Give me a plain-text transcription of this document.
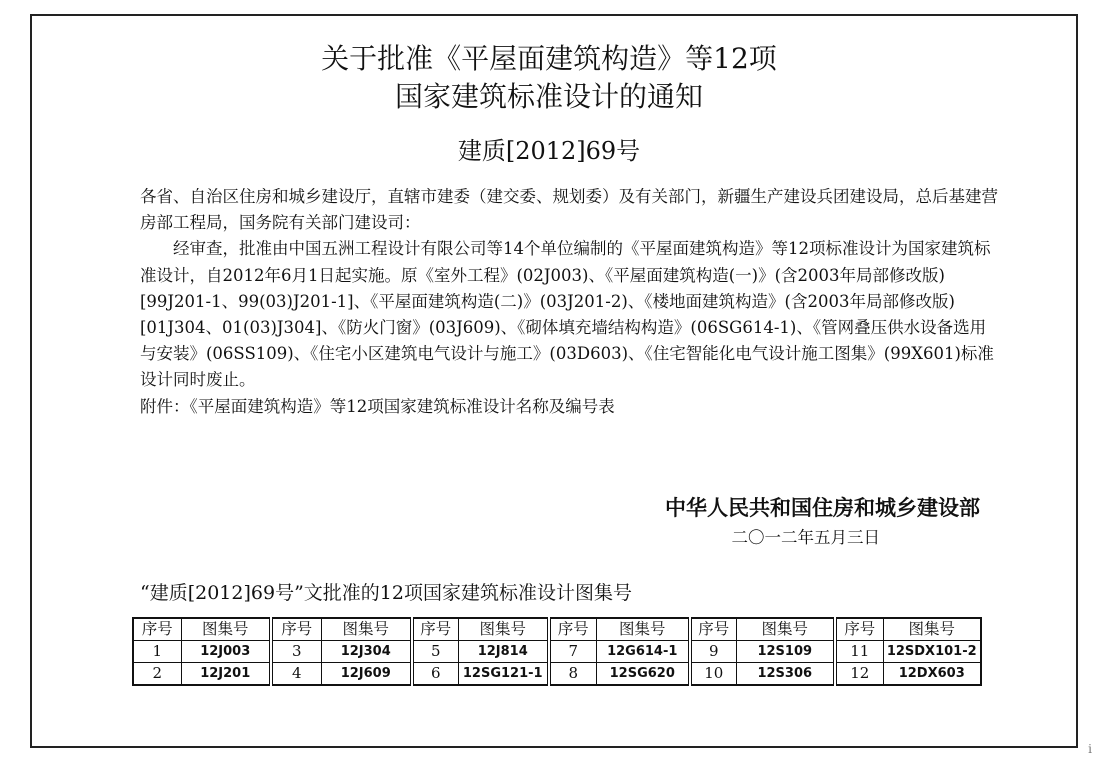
关于批准《平屋面建筑构造》等12项
国家建筑标准设计的通知
建质[2012]69号

各省、自治区住房和城乡建设厅，直辖市建委（建交委、规划委）及有关部门，新疆生产建设兵团建设局，总后基建营房部工程局，国务院有关部门建设司：

经审查，批准由中国五洲工程设计有限公司等14个单位编制的《平屋面建筑构造》等12项标准设计为国家建筑标准设计，自2012年6月1日起实施。原《室外工程》(02J003)、《平屋面建筑构造(一)》(含2003年局部修改版)[99J201-1、99(03)J201-1]、《平屋面建筑构造(二)》(03J201-2)、《楼地面建筑构造》(含2003年局部修改版)[01J304、01(03)J304]、《防火门窗》(03J609)、《砌体填充墙结构构造》(06SG614-1)、《管网叠压供水设备选用与安装》(06SS109)、《住宅小区建筑电气设计与施工》(03D603)、《住宅智能化电气设计施工图集》(99X601)标准设计同时废止。

附件：《平屋面建筑构造》等12项国家建筑标准设计名称及编号表

中华人民共和国住房和城乡建设部
二〇一二年五月三日
“建质[2012]69号”文批准的12项国家建筑标准设计图集号
序号	图集号	序号	图集号	序号	图集号	序号	图集号	序号	图集号	序号	图集号
1	12J003	3	12J304	5	12J814	7	12G614-1	9	12S109	11	12SDX101-2
2	12J201	4	12J609	6	12SG121-1	8	12SG620	10	12S306	12	12DX603
i
